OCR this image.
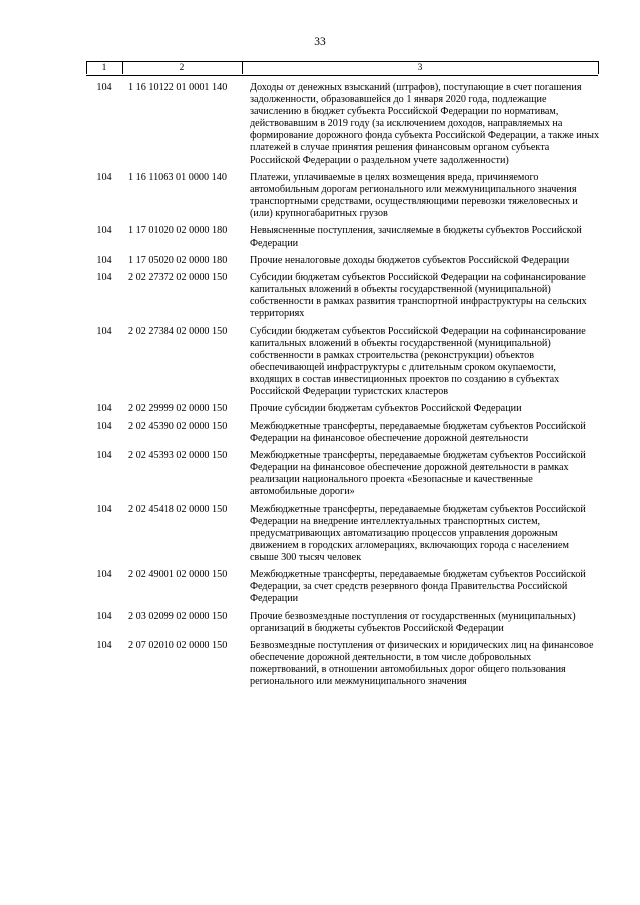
33
1	2	3
104	1 16 10122 01 0001 140	Доходы от денежных взысканий (штрафов), поступающие в счет погашения задолженности, образовавшейся до 1 января 2020 года, подлежащие зачислению в бюджет субъекта Российской Федерации по нормативам, действовавшим в 2019 году (за исключением доходов, направляемых на формирование дорожного фонда субъекта Российской Федерации, а также иных платежей в случае принятия решения финансовым органом субъекта Российской Федерации о раздельном учете задолженности)
104	1 16 11063 01 0000 140	Платежи, уплачиваемые в целях возмещения вреда, причиняемого автомобильным дорогам регионального или межмуниципального значения транспортными средствами, осуществляющими перевозки тяжеловесных и (или) крупногабаритных грузов
104	1 17 01020 02 0000 180	Невыясненные поступления, зачисляемые в бюджеты субъектов Российской Федерации
104	1 17 05020 02 0000 180	Прочие неналоговые доходы бюджетов субъектов Российской Федерации
104	2 02 27372 02 0000 150	Субсидии бюджетам субъектов Российской Федерации на софинансирование капитальных вложений в объекты государственной (муниципальной) собственности в рамках развития транспортной инфраструктуры на сельских территориях
104	2 02 27384 02 0000 150	Субсидии бюджетам субъектов Российской Федерации на софинансирование капитальных вложений в объекты государственной (муниципальной) собственности в рамках строительства (реконструкции) объектов обеспечивающей инфраструктуры с длительным сроком окупаемости, входящих в состав инвестиционных проектов по созданию в субъектах Российской Федерации туристских кластеров
104	2 02 29999 02 0000 150	Прочие субсидии бюджетам субъектов Российской Федерации
104	2 02 45390 02 0000 150	Межбюджетные трансферты, передаваемые бюджетам субъектов Российской Федерации на финансовое обеспечение дорожной деятельности
104	2 02 45393 02 0000 150	Межбюджетные трансферты, передаваемые бюджетам субъектов Российской Федерации на финансовое обеспечение дорожной деятельности в рамках реализации национального проекта «Безопасные и качественные автомобильные дороги»
104	2 02 45418 02 0000 150	Межбюджетные трансферты, передаваемые бюджетам субъектов Российской Федерации на внедрение интеллектуальных транспортных систем, предусматривающих автоматизацию процессов управления дорожным движением в городских агломерациях, включающих города с населением свыше 300 тысяч человек
104	2 02 49001 02 0000 150	Межбюджетные трансферты, передаваемые бюджетам субъектов Российской Федерации, за счет средств резервного фонда Правительства Российской Федерации
104	2 03 02099 02 0000 150	Прочие безвозмездные поступления от государственных (муниципальных) организаций в бюджеты субъектов Российской Федерации
104	2 07 02010 02 0000 150	Безвозмездные поступления от физических и юридических лиц на финансовое обеспечение дорожной деятельности, в том числе добровольных пожертвований, в отношении автомобильных дорог общего пользования регионального или межмуниципального значения
